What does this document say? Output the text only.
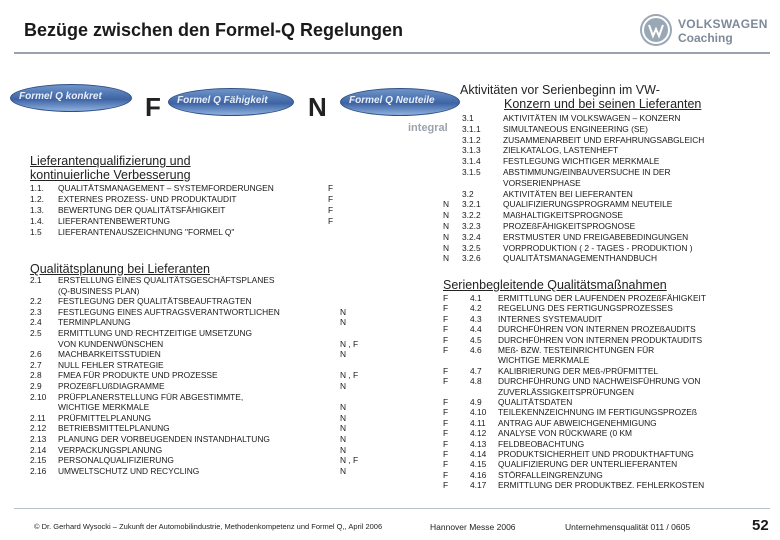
Bezüge zwischen den Formel-Q Regelungen	VOLKSWAGEN
Coaching
Formel Q konkret F Formel Q Fähigkeit N Formel Q Neuteile
integral
Lieferantenqualifizierung und
kontinuierliche Verbesserung
1.1. QUALITÄTSMANAGEMENT – SYSTEMFORDERUNGEN	F
1.2. EXTERNES PROZESS- UND PRODUKTAUDIT	F
1.3. BEWERTUNG DER QUALITÄTSFÄHIGKEIT	F
1.4. LIEFERANTENBEWERTUNG	F
1.5 LIEFERANTENAUSZEICHNUNG "FORMEL Q"
Qualitätsplanung bei Lieferanten
2.1 ERSTELLUNG EINES QUALITÄTSGESCHÄFTSPLANES
(Q-BUSINESS PLAN)
2.2 FESTLEGUNG DER QUALITÄTSBEAUFTRAGTEN
2.3 FESTLEGUNG EINES AUFTRAGSVERANTWORTLICHEN	N
2.4 TERMINPLANUNG	N
2.5 ERMITTLUNG UND RECHTZEITIGE UMSETZUNG
VON KUNDENWÜNSCHEN	N , F
2.6 MACHBARKEITSSTUDIEN	N
2.7 NULL FEHLER STRATEGIE
2.8 FMEA FÜR PRODUKTE UND PROZESSE	N , F
2.9 PROZEßFLUßDIAGRAMME	N
2.10 PRÜFPLANERSTELLUNG FÜR ABGESTIMMTE,
WICHTIGE MERKMALE	N
2.11 PRÜFMITTELPLANUNG	N
2.12 BETRIEBSMITTELPLANUNG	N
2.13 PLANUNG DER VORBEUGENDEN INSTANDHALTUNG	N
2.14 VERPACKUNGSPLANUNG	N
2.15 PERSONALQUALIFIZIERUNG	N , F
2.16 UMWELTSCHUTZ UND RECYCLING	N
Aktivitäten vor Serienbeginn im VW-
Konzern und bei seinen Lieferanten
3.1	AKTIVITÄTEN IM VOLKSWAGEN – KONZERN
3.1.1	SIMULTANEOUS ENGINEERING (SE)
3.1.2	ZUSAMMENARBEIT UND ERFAHRUNGSABGLEICH
3.1.3	ZIELKATALOG, LASTENHEFT
3.1.4	FESTLEGUNG WICHTIGER MERKMALE
3.1.5	ABSTIMMUNG/EINBAUVERSUCHE IN DER
VORSERIENPHASE
3.2	AKTIVITÄTEN BEI LIEFERANTEN
N 3.2.1	QUALIFIZIERUNGSPROGRAMM NEUTEILE
N 3.2.2	MAßHALTIGKEITSPROGNOSE
N 3.2.3	PROZEßFÄHIGKEITSPROGNOSE
N 3.2.4	ERSTMUSTER UND FREIGABEBEDINGUNGEN
N 3.2.5	VORPRODUKTION ( 2 - TAGES - PRODUKTION )
N 3.2.6	QUALITÄTSMANAGEMENTHANDBUCH
Serienbegleitende Qualitätsmaßnahmen
F	4.1 ERMITTLUNG DER LAUFENDEN PROZEßFÄHIGKEIT
F	4.2 REGELUNG DES FERTIGUNGSPROZESSES
F	4.3 INTERNES SYSTEMAUDIT
F	4.4 DURCHFÜHREN VON INTERNEN PROZEßAUDITS
F	4.5 DURCHFÜHREN VON INTERNEN PRODUKTAUDITS
F	4.6 MEß- BZW. TESTEINRICHTUNGEN FÜR
WICHTIGE MERKMALE
F	4.7 KALIBRIERUNG DER MEß-/PRÜFMITTEL
F	4.8 DURCHFÜHRUNG UND NACHWEISFÜHRUNG VON
ZUVERLÄSSIGKEITSPRÜFUNGEN
F	4.9 QUALITÄTSDATEN
F	4.10 TEILEKENNZEICHNUNG IM FERTIGUNGSPROZEß
F	4.11 ANTRAG AUF ABWEICHGENEHMIGUNG
F	4.12 ANALYSE VON RÜCKWARE (0 KM
F	4.13 FELDBEOBACHTUNG
F	4.14 PRODUKTSICHERHEIT UND PRODUKTHAFTUNG
F	4.15 QUALIFIZIERUNG DER UNTERLIEFERANTEN
F	4.16 STÖRFALLEINGRENZUNG
F	4.17 ERMITTLUNG DER PRODUKTBEZ. FEHLERKOSTEN
© Dr. Gerhard Wysocki – Zukunft der Automobilindustrie, Methodenkompetenz und Formel Q,, April 2006	Hannover Messe 2006	Unternehmensqualität 011 / 0605	52
